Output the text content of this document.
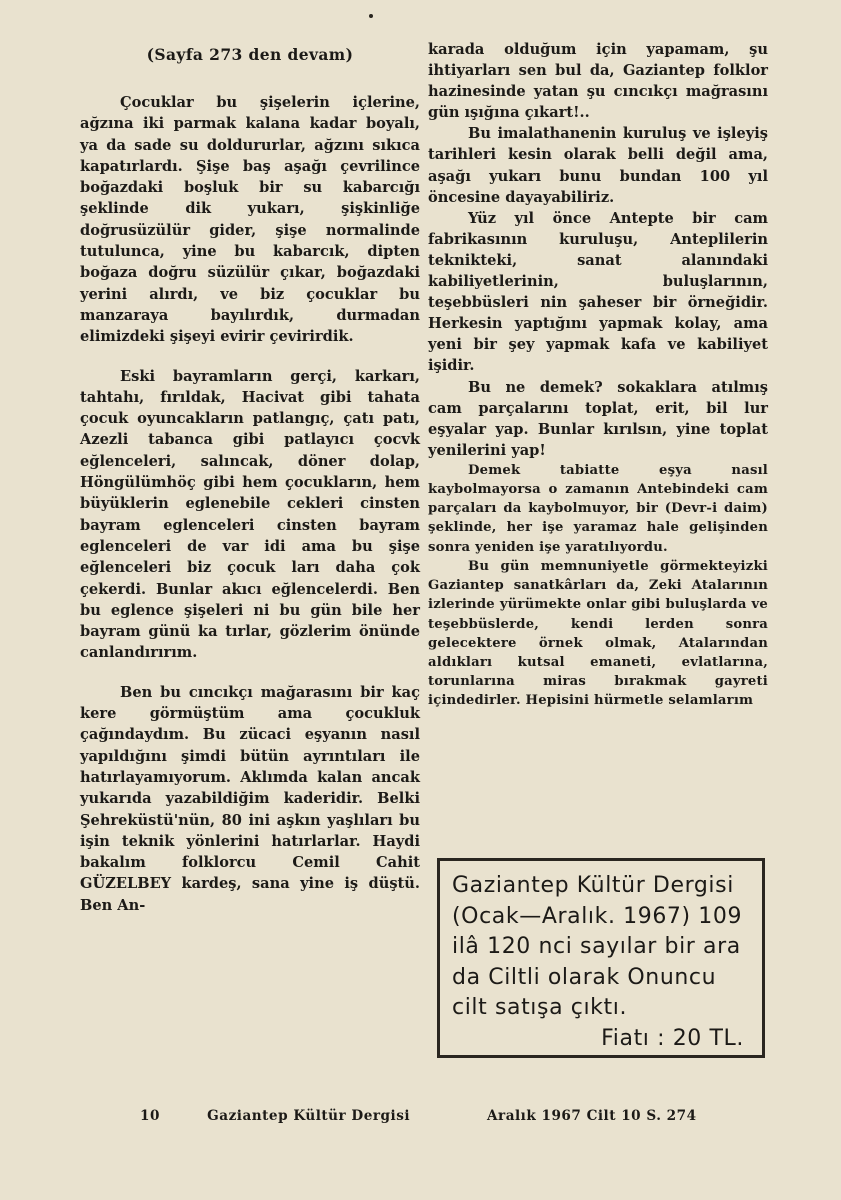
(Sayfa 273 den devam)

Çocuklar bu şişelerin içlerine, ağzına iki parmak kalana kadar boyalı, ya da sade su doldururlar, ağzını sıkıca kapatırlardı. Şişe baş aşağı çevrilince boğazdaki boşluk bir su kabarcığı şeklinde dik yukarı, şişkinliğe doğrusüzülür gider, şişe normalinde tutulunca, yine bu kabarcık, dipten boğaza doğru süzülür çıkar, boğazdaki yerini alırdı, ve biz çocuklar bu manzaraya bayılırdık, durmadan elimizdeki şişeyi evirir çevirirdik.

Eski bayramların gerçi, karkarı, tahtahı, fırıldak, Hacivat gibi tahata çocuk oyuncakların patlangıç, çatı patı, Azezli tabanca gibi patlayıcı çocvk eğlenceleri, salıncak, döner dolap, Höngülümhöç gibi hem çocukların, hem büyüklerin eglenebile cekleri cinsten bayram eglenceleri cinsten bayram eglenceleri de var idi ama bu şişe eğlenceleri biz çocuk ları daha çok çekerdi. Bunlar akıcı eğlencelerdi. Ben bu eglence şişeleri ni bu gün bile her bayram günü ka tırlar, gözlerim önünde canlandırırım.

Ben bu cıncıkçı mağarasını bir kaç kere görmüştüm ama çocukluk çağındaydım. Bu zücaci eşyanın nasıl yapıldığını şimdi bütün ayrıntıları ile hatırlayamıyorum. Aklımda kalan ancak yukarıda yazabildiğim kaderidir. Belki Şehreküstü'nün, 80 ini aşkın yaşlıları bu işin teknik yönlerini hatırlarlar. Haydi bakalım folklorcu Cemil Cahit GÜZELBEY kardeş, sana yine iş düştü. Ben An-

karada olduğum için yapamam, şu ihtiyarları sen bul da, Gaziantep folklor hazinesinde yatan şu cıncıkçı mağrasını gün ışığına çıkart!..

Bu imalathanenin kuruluş ve işleyiş tarihleri kesin olarak belli değil ama, aşağı yukarı bunu bundan 100 yıl öncesine dayayabiliriz.

Yüz yıl önce Antepte bir cam fabrikasının kuruluşu, Anteplilerin teknikteki, sanat alanındaki kabiliyetlerinin, buluşlarının, teşebbüsleri nin şaheser bir örneğidir. Herkesin yaptığını yapmak kolay, ama yeni bir şey yapmak kafa ve kabiliyet işidir.

Bu ne demek? sokaklara atılmış cam parçalarını toplat, erit, bil lur eşyalar yap. Bunlar kırılsın, yine toplat yenilerini yap!

Demek tabiatte eşya nasıl kaybolmayorsa o zamanın Antebindeki cam parçaları da kaybolmuyor, bir (Devr-i daim) şeklinde, her işe yaramaz hale gelişinden sonra yeniden işe yaratılıyordu.

Bu gün memnuniyetle görmekteyizki Gaziantep sanatkârları da, Zeki Atalarının izlerinde yürümekte onlar gibi buluşlarda ve teşebbüslerde, kendi lerden sonra gelecektere örnek olmak, Atalarından aldıkları kutsal emaneti, evlatlarına, torunlarına miras bırakmak gayreti içindedirler. Hepisini hürmetle selamlarım

Gaziantep Kültür Dergisi
(Ocak—Aralık. 1967) 109
ilâ 120 nci sayılar bir ara
da Ciltli olarak Onuncu
cilt satışa çıktı.
Fiatı : 20 TL.
10	Gaziantep Kültür Dergisi	Aralık 1967 Cilt 10 S. 274
